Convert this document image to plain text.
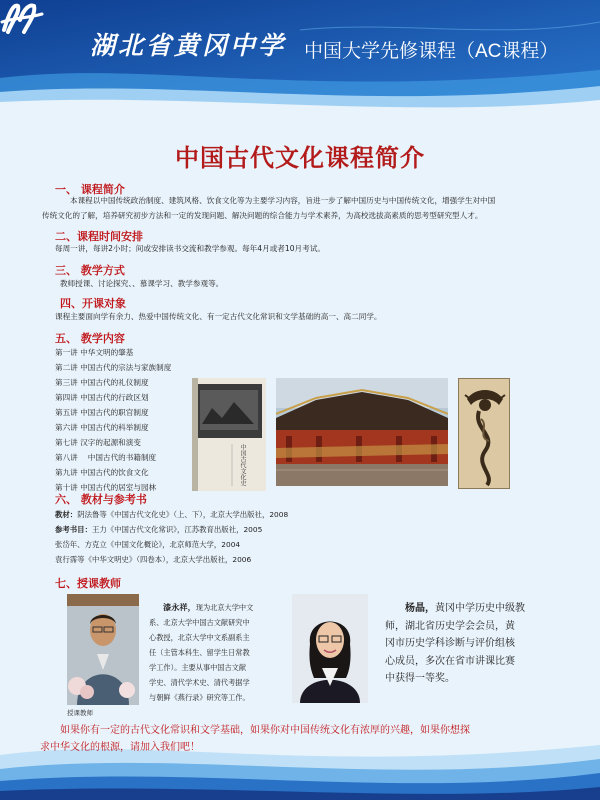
湖北省黄冈中学 中国大学先修课程（AC课程）
中国古代文化课程简介
一、 课程简介
本课程以中国传统政治制度、建筑风格、饮食文化等为主要学习内容，旨进一步了解中国历史与中国传统文化，增强学生对中国
传统文化的了解，培养研究初步方法和一定的发现问题、解决问题的综合能力与学术素养，为高校选拔高素质的思考型研究型人才。
二、课程时间安排
每周一讲，每讲2小时；间或安排读书交流和教学参观。每年4月或者10月考试。
三、 教学方式
教师授课、讨论探究、、慕课学习、教学参观等。
四、开课对象
课程主要面向学有余力、热爱中国传统文化、有一定古代文化常识和文学基础的高一、高二同学。
五、 教学内容
第一讲 中华文明的肇基
第二讲 中国古代的宗法与家族制度
第三讲 中国古代的礼仪制度
第四讲 中国古代的行政区划
第五讲 中国古代的职官制度
第六讲 中国古代的科举制度
第七讲 汉字的起源和演变
第八讲　 中国古代的书籍制度
第九讲 中国古代的饮食文化
第十讲 中国古代的居室与园林
中国古代文化史
六、 教材与参考书
教材：阴法鲁等《中国古代文化史》（上、下），北京大学出版社，2008
参考书目：王力《中国古代文化常识》，江苏教育出版社，2005
张岱年、方克立《中国文化概论》，北京师范大学，2004
袁行霈等《中华文明史》（四卷本），北京大学出版社，2006
七、授课教师
授课教师
漆永祥，现为北京大学中文
系、北京大学中国古文献研究中
心教授，北京大学中文系副系主
任（主管本科生、留学生日常教
学工作）。主要从事中国古文献
学史、清代学术史、清代考据学
与朝鲜《燕行录》研究等工作。
杨晶，黄冈中学历史中级教
师，湖北省历史学会会员，黄
冈市历史学科诊断与评价组核
心成员，多次在省市讲课比赛
中获得一等奖。
如果你有一定的古代文化常识和文学基础，如果你对中国传统文化有浓厚的兴趣，如果你想探
求中华文化的根源，请加入我们吧！
